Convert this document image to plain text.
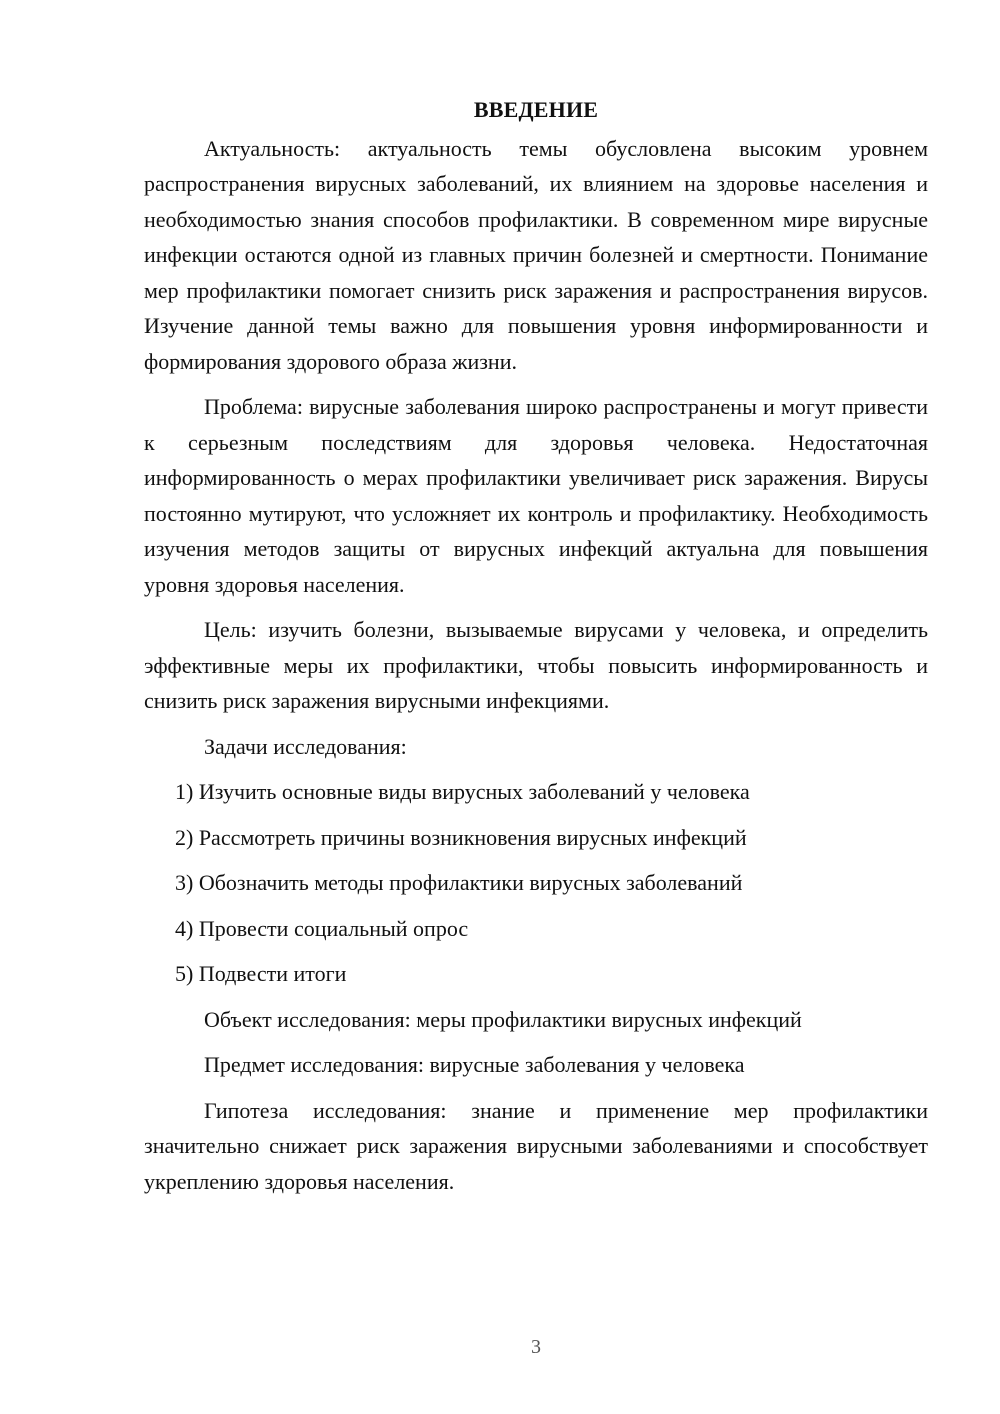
ВВЕДЕНИЕ

Актуальность: актуальность темы обусловлена высоким уровнем распространения вирусных заболеваний, их влиянием на здоровье населения и необходимостью знания способов профилактики. В современном мире вирусные инфекции остаются одной из главных причин болезней и смертности. Понимание мер профилактики помогает снизить риск заражения и распространения вирусов. Изучение данной темы важно для повышения уровня информированности и формирования здорового образа жизни.

Проблема: вирусные заболевания широко распространены и могут привести к серьезным последствиям для здоровья человека. Недостаточная информированность о мерах профилактики увеличивает риск заражения. Вирусы постоянно мутируют, что усложняет их контроль и профилактику. Необходимость изучения методов защиты от вирусных инфекций актуальна для повышения уровня здоровья населения.

Цель: изучить болезни, вызываемые вирусами у человека, и определить эффективные меры их профилактики, чтобы повысить информированность и снизить риск заражения вирусными инфекциями.

Задачи исследования:

1) Изучить основные виды вирусных заболеваний у человека
2) Рассмотреть причины возникновения вирусных инфекций
3) Обозначить методы профилактики вирусных заболеваний
4) Провести социальный опрос
5) Подвести итоги

Объект исследования: меры профилактики вирусных инфекций

Предмет исследования: вирусные заболевания у человека

Гипотеза исследования: знание и применение мер профилактики значительно снижает риск заражения вирусными заболеваниями и способствует укреплению здоровья населения.

3
